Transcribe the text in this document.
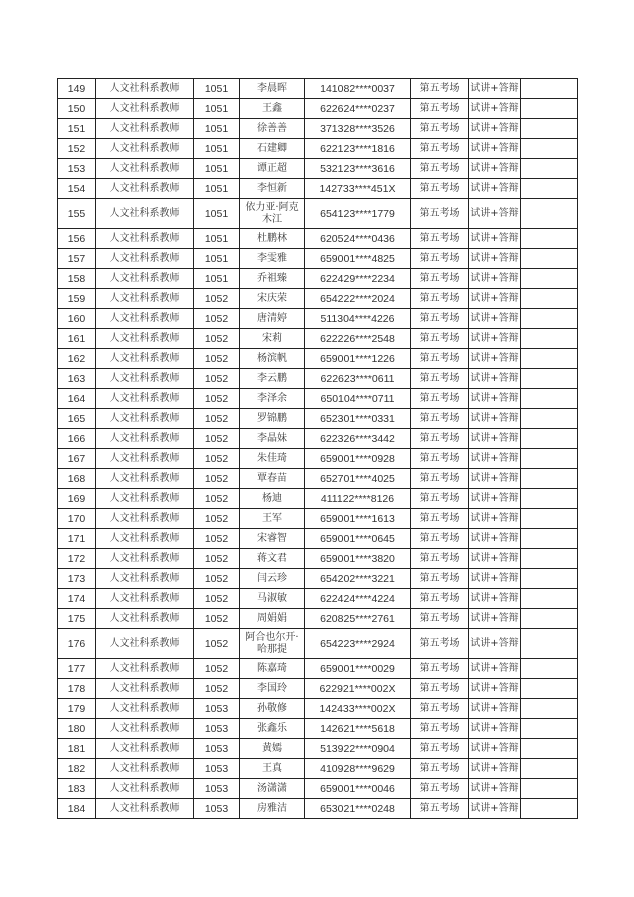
149	人文社科系教师	1051	李晨晖	141082****0037	第五考场	试讲+答辩	
150	人文社科系教师	1051	王鑫	622624****0237	第五考场	试讲+答辩	
151	人文社科系教师	1051	徐善善	371328****3526	第五考场	试讲+答辩	
152	人文社科系教师	1051	石建卿	622123****1816	第五考场	试讲+答辩	
153	人文社科系教师	1051	谭正超	532123****3616	第五考场	试讲+答辩	
154	人文社科系教师	1051	李恒新	142733****451X	第五考场	试讲+答辩	
155	人文社科系教师	1051	依力亚·阿克木江	654123****1779	第五考场	试讲+答辩	
156	人文社科系教师	1051	杜鹏林	620524****0436	第五考场	试讲+答辩	
157	人文社科系教师	1051	李雯雅	659001****4825	第五考场	试讲+答辩	
158	人文社科系教师	1051	乔祖臻	622429****2234	第五考场	试讲+答辩	
159	人文社科系教师	1052	宋庆荣	654222****2024	第五考场	试讲+答辩	
160	人文社科系教师	1052	唐清婷	511304****4226	第五考场	试讲+答辩	
161	人文社科系教师	1052	宋莉	622226****2548	第五考场	试讲+答辩	
162	人文社科系教师	1052	杨滨帆	659001****1226	第五考场	试讲+答辩	
163	人文社科系教师	1052	李云鹏	622623****0611	第五考场	试讲+答辩	
164	人文社科系教师	1052	李泽余	650104****0711	第五考场	试讲+答辩	
165	人文社科系教师	1052	罗锦鹏	652301****0331	第五考场	试讲+答辩	
166	人文社科系教师	1052	李晶妹	622326****3442	第五考场	试讲+答辩	
167	人文社科系教师	1052	朱佳琦	659001****0928	第五考场	试讲+答辩	
168	人文社科系教师	1052	覃春苗	652701****4025	第五考场	试讲+答辩	
169	人文社科系教师	1052	杨迪	411122****8126	第五考场	试讲+答辩	
170	人文社科系教师	1052	王军	659001****1613	第五考场	试讲+答辩	
171	人文社科系教师	1052	宋睿智	659001****0645	第五考场	试讲+答辩	
172	人文社科系教师	1052	蒋文君	659001****3820	第五考场	试讲+答辩	
173	人文社科系教师	1052	闫云珍	654202****3221	第五考场	试讲+答辩	
174	人文社科系教师	1052	马淑敏	622424****4224	第五考场	试讲+答辩	
175	人文社科系教师	1052	周娟娟	620825****2761	第五考场	试讲+答辩	
176	人文社科系教师	1052	阿合也尔开·哈那提	654223****2924	第五考场	试讲+答辩	
177	人文社科系教师	1052	陈嘉琦	659001****0029	第五考场	试讲+答辩	
178	人文社科系教师	1052	李国玲	622921****002X	第五考场	试讲+答辩	
179	人文社科系教师	1053	孙敬修	142433****002X	第五考场	试讲+答辩	
180	人文社科系教师	1053	张鑫乐	142621****5618	第五考场	试讲+答辩	
181	人文社科系教师	1053	黄嫣	513922****0904	第五考场	试讲+答辩	
182	人文社科系教师	1053	王真	410928****9629	第五考场	试讲+答辩	
183	人文社科系教师	1053	汤潇潇	659001****0046	第五考场	试讲+答辩	
184	人文社科系教师	1053	房雅洁	653021****0248	第五考场	试讲+答辩	
